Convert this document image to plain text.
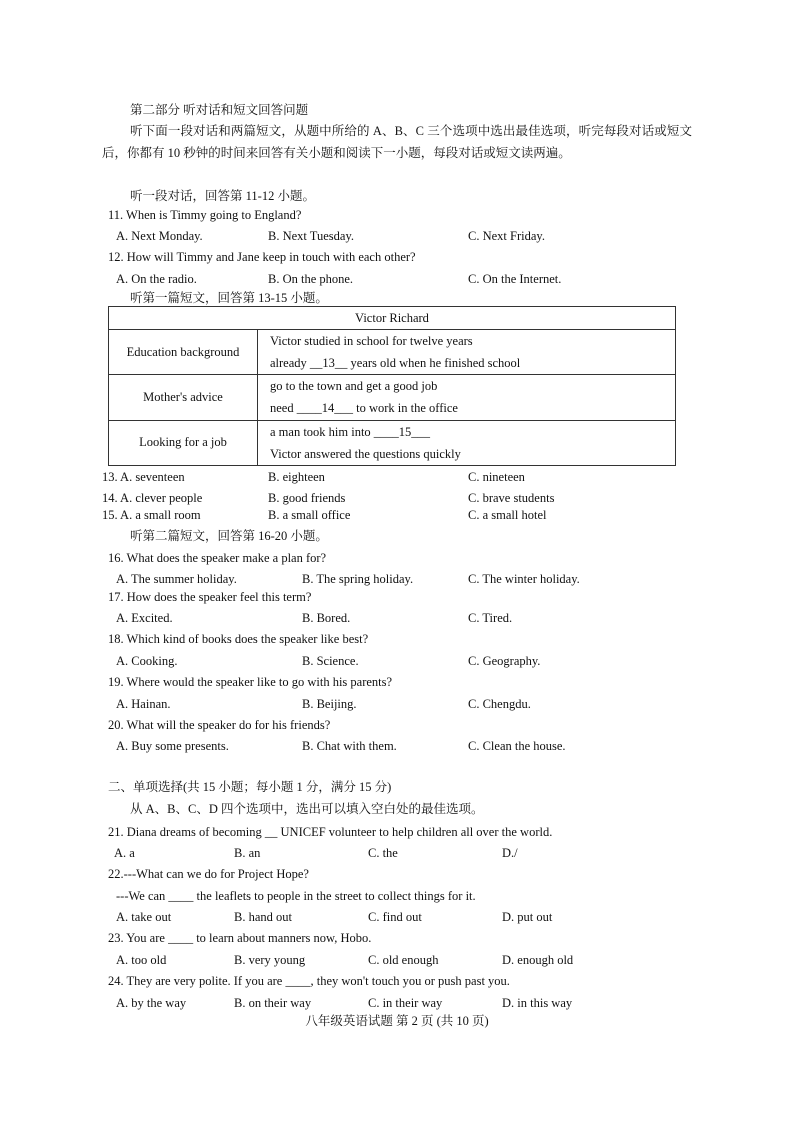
第二部分 听对话和短文回答问题
听下面一段对话和两篇短文，从题中所给的 A、B、C 三个选项中选出最佳选项，听完每段对话或短文后，你都有 10 秒钟的时间来回答有关小题和阅读下一小题，每段对话或短文读两遍。
听一段对话，回答第 11-12 小题。
11. When is Timmy going to England?
A. Next Monday.	B. Next Tuesday.	C. Next Friday.
12. How will Timmy and Jane keep in touch with each other?
A. On the radio.	B. On the phone.	C. On the Internet.
听第一篇短文，回答第 13-15 小题。
Victor Richard	
Education background	Victor studied in school for twelve years
already __13__ years old when he finished school

Mother's advice	go to the town and get a good job
need ____14___ to work in the office

Looking for a job	a man took him into ____15___
Victor answered the questions quickly
13. A. seventeen	B. eighteen	C. nineteen
14. A. clever people	B. good friends	C. brave students
15. A. a small room	B. a small office	C. a small hotel
听第二篇短文，回答第 16-20 小题。
16. What does the speaker make a plan for?
A. The summer holiday.	B. The spring holiday.	C. The winter holiday.
17. How does the speaker feel this term?
A. Excited.	B. Bored.	C. Tired.
18. Which kind of books does the speaker like best?
A. Cooking.	B. Science.	C. Geography.
19. Where would the speaker like to go with his parents?
A. Hainan.	B. Beijing.	C. Chengdu.
20. What will the speaker do for his friends?
A. Buy some presents.	B. Chat with them.	C. Clean the house.
二、单项选择(共 15 小题；每小题 1 分，满分 15 分)
从 A、B、C、D 四个选项中，选出可以填入空白处的最佳选项。
21. Diana dreams of becoming __ UNICEF volunteer to help children all over the world.
A. a	B. an	C. the	D./
22.---What can we do for Project Hope?
---We can ____ the leaflets to people in the street to collect things for it.
A. take out	B. hand out	C. find out	D. put out
23. You are ____ to learn about manners now, Hobo.
A. too old	B. very young	C. old enough	D. enough old
24. They are very polite. If you are ____, they won't touch you or push past you.
A. by the way	B. on their way	C. in their way	D. in this way
八年级英语试题 第 2 页 (共 10 页)
